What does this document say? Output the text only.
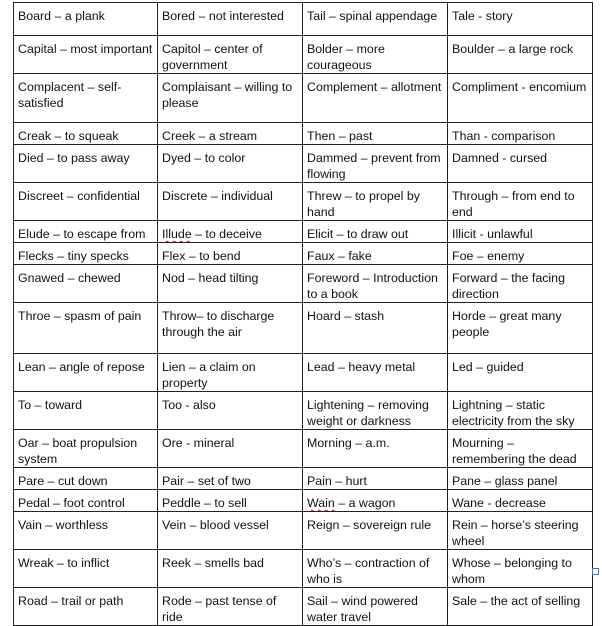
Board – a plank	Bored – not interested	Tail – spinal appendage	Tale - story
Capital – most important	Capitol – center of government	Bolder – more courageous	Boulder – a large rock
Complacent – self-satisfied	Complaisant – willing to please	Complement – allotment	Compliment - encomium
Creak – to squeak	Creek – a stream	Then – past	Than - comparison
Died – to pass away	Dyed – to color	Dammed – prevent from flowing	Damned - cursed
Discreet – confidential	Discrete – individual	Threw – to propel by hand	Through – from end to end
Elude – to escape from	Illude – to deceive	Elicit – to draw out	Illicit - unlawful
Flecks – tiny specks	Flex – to bend	Faux – fake	Foe – enemy
Gnawed – chewed	Nod – head tilting	Foreword – Introduction to a book	Forward – the facing direction
Throe – spasm of pain	Throw– to discharge through the air	Hoard – stash	Horde – great many people
Lean – angle of repose	Lien – a claim on property	Lead – heavy metal	Led – guided
To – toward	Too - also	Lightening – removing weight or darkness	Lightning – static electricity from the sky
Oar – boat propulsion system	Ore - mineral	Morning – a.m.	Mourning – remembering the dead
Pare – cut down	Pair – set of two	Pain – hurt	Pane – glass panel
Pedal – foot control	Peddle – to sell	Wain – a wagon	Wane - decrease
Vain – worthless	Vein – blood vessel	Reign – sovereign rule	Rein – horse’s steering wheel
Wreak – to inflict	Reek – smells bad	Who’s – contraction of who is	Whose – belonging to whom
Road – trail or path	Rode – past tense of ride	Sail – wind powered water travel	Sale – the act of selling
